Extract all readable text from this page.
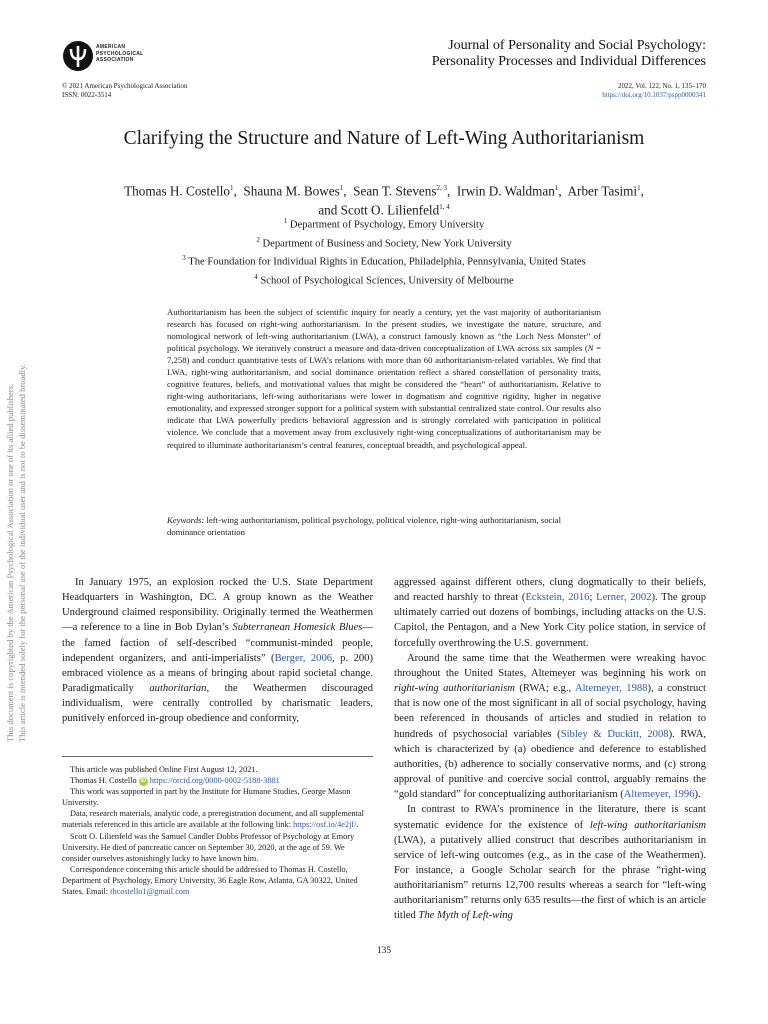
This document is copyrighted by the American Psychological Association or one of its allied publishers. This article is intended solely for the personal use of the individual user and is not to be disseminated broadly.
AMERICAN
PSYCHOLOGICAL
ASSOCIATION
Journal of Personality and Social Psychology:
Personality Processes and Individual Differences
© 2021 American Psychological Association
ISSN: 0022-3514
2022, Vol. 122, No. 1, 135–170
https://doi.org/10.1037/pspp0000341
Clarifying the Structure and Nature of Left-Wing Authoritarianism
Thomas H. Costello$^1$,  Shauna M. Bowes$^1$,  Sean T. Stevens$^{2, 3}$,  Irwin D. Waldman$^1$,  Arber Tasimi$^1$,
and Scott O. Lilienfeld$^{1, 4}$
$^1$ Department of Psychology, Emory University
$^2$ Department of Business and Society, New York University
$^3$ The Foundation for Individual Rights in Education, Philadelphia, Pennsylvania, United States
$^4$ School of Psychological Sciences, University of Melbourne
Authoritarianism has been the subject of scientific inquiry for nearly a century, yet the vast majority of authoritarianism research has focused on right-wing authoritarianism. In the present studies, we investigate the nature, structure, and nomological network of left-wing authoritarianism (LWA), a construct famously known as “the Loch Ness Monster” of political psychology. We iteratively construct a measure and data-driven conceptualization of LWA across six samples (N = 7,258) and conduct quantitative tests of LWA’s relations with more than 60 authoritarianism-related variables. We find that LWA, right-wing authoritarianism, and social dominance orientation reflect a shared constellation of personality traits, cognitive features, beliefs, and motivational values that might be considered the “heart” of authoritarianism. Relative to right-wing authoritarians, left-wing authoritarians were lower in dogmatism and cognitive rigidity, higher in negative emotionality, and expressed stronger support for a political system with substantial centralized state control. Our results also indicate that LWA powerfully predicts behavioral aggression and is strongly correlated with participation in political violence. We conclude that a movement away from exclusively right-wing conceptualizations of authoritarianism may be required to illuminate authoritarianism’s central features, conceptual breadth, and psychological appeal.
Keywords: left-wing authoritarianism, political psychology, political violence, right-wing authoritarianism, social dominance orientation

In January 1975, an explosion rocked the U.S. State Department Headquarters in Washington, DC. A group known as the Weather Underground claimed responsibility. Originally termed the Weathermen—a reference to a line in Bob Dylan’s Subterranean Homesick Blues—the famed faction of self-described “communist-minded people, independent organizers, and anti-imperialists” (Berger, 2006, p. 200) embraced violence as a means of bringing about rapid societal change. Paradigmatically authoritarian, the Weathermen discouraged individualism, were centrally controlled by charismatic leaders, punitively enforced in-group obedience and conformity,

This article was published Online First August 12, 2021.

Thomas H. Costello iD https://orcid.org/0000-0002-5188-3881

This work was supported in part by the Institute for Humane Studies, George Mason University.

Data, research materials, analytic code, a preregistration document, and all supplemental materials referenced in this article are available at the following link: https://osf.io/4e2jf/.

Scott O. Lilienfeld was the Samuel Candler Dobbs Professor of Psychology at Emory University. He died of pancreatic cancer on September 30, 2020, at the age of 59. We consider ourselves astonishingly lucky to have known him.

Correspondence concerning this article should be addressed to Thomas H. Costello, Department of Psychology, Emory University, 36 Eagle Row, Atlanta, GA 30322, United States. Email: thcostello1@gmail.com

aggressed against different others, clung dogmatically to their beliefs, and reacted harshly to threat (Eckstein, 2016; Lerner, 2002). The group ultimately carried out dozens of bombings, including attacks on the U.S. Capitol, the Pentagon, and a New York City police station, in service of forcefully overthrowing the U.S. government.

Around the same time that the Weathermen were wreaking havoc throughout the United States, Altemeyer was beginning his work on right-wing authoritarianism (RWA; e.g., Altemeyer, 1988), a construct that is now one of the most significant in all of social psychology, having been referenced in thousands of articles and studied in relation to hundreds of psychosocial variables (Sibley & Duckitt, 2008). RWA, which is characterized by (a) obedience and deference to established authorities, (b) adherence to socially conservative norms, and (c) strong approval of punitive and coercive social control, arguably remains the “gold standard” for conceptualizing authoritarianism (Altemeyer, 1996).

In contrast to RWA’s prominence in the literature, there is scant systematic evidence for the existence of left-wing authoritarianism (LWA), a putatively allied construct that describes authoritarianism in service of left-wing outcomes (e.g., as in the case of the Weathermen). For instance, a Google Scholar search for the phrase “right-wing authoritarianism” returns 12,700 results whereas a search for “left-wing authoritarianism” returns only 635 results—the first of which is an article titled The Myth of Left-wing

135
